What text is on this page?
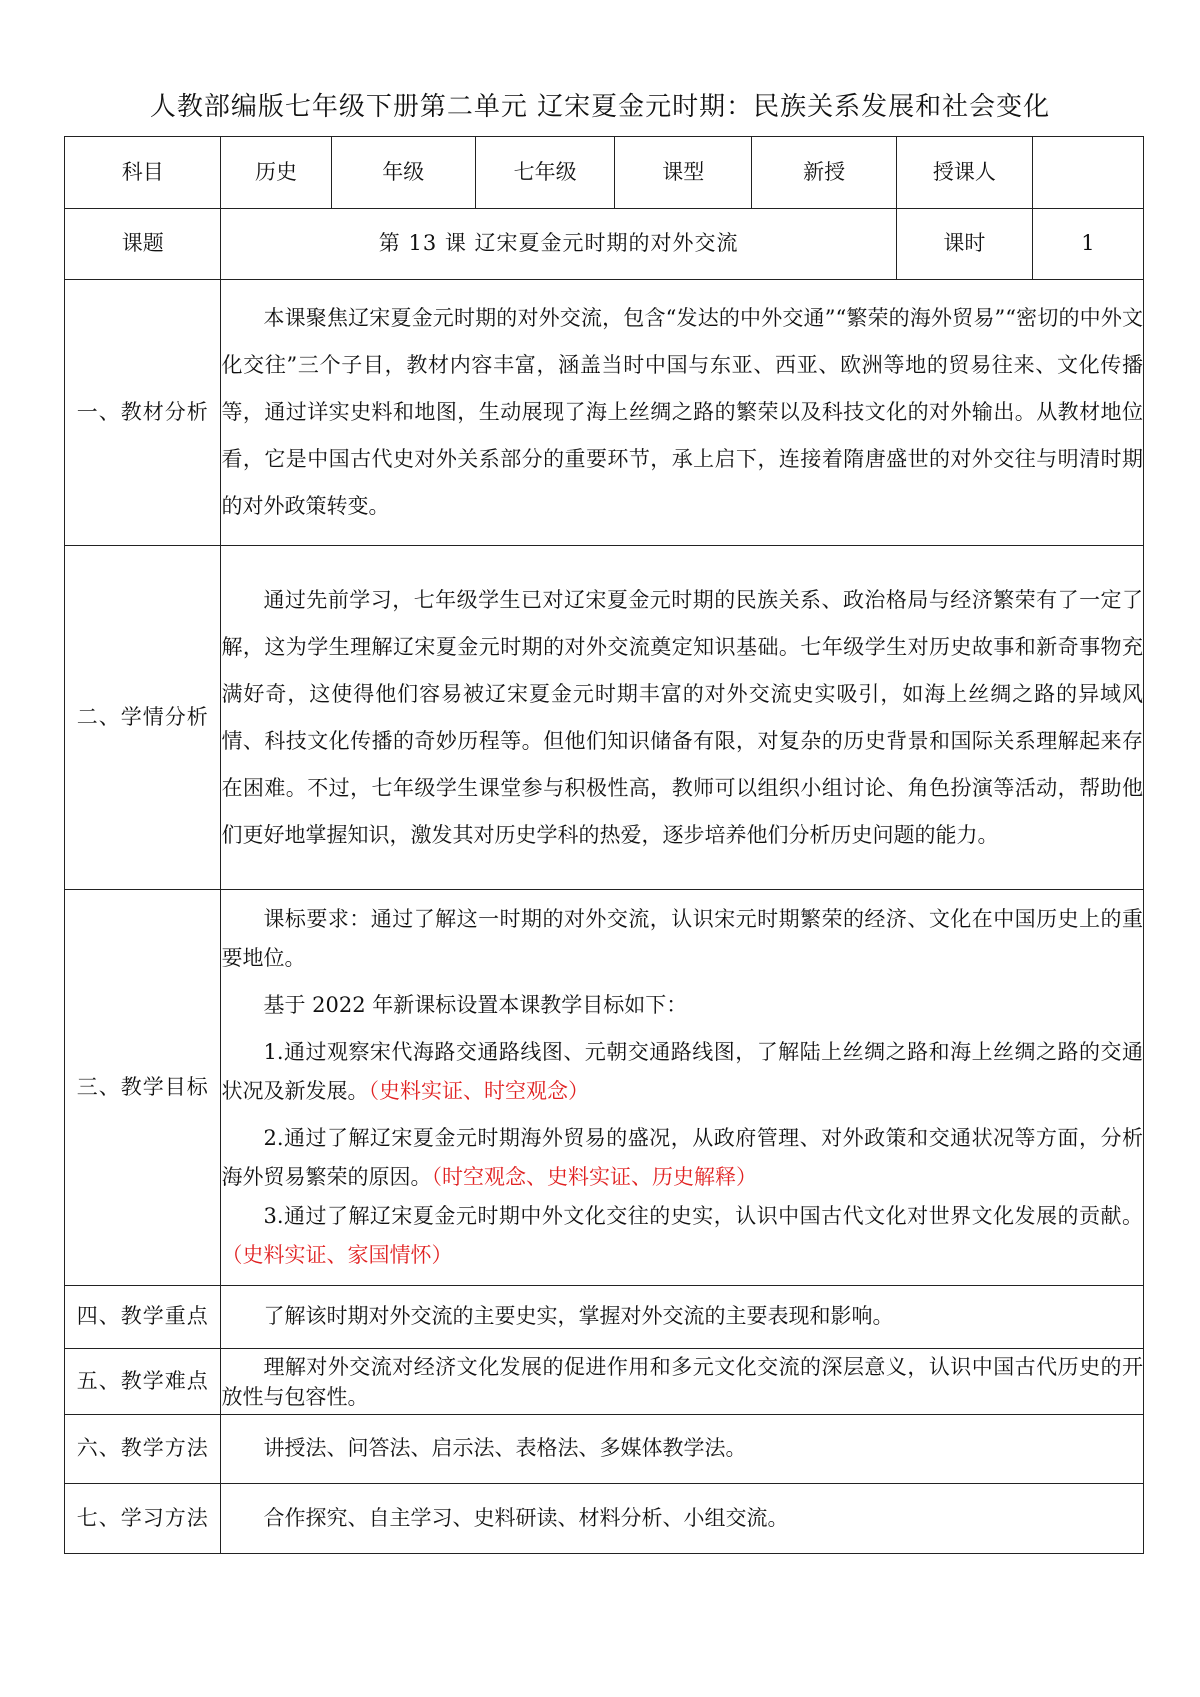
人教部编版七年级下册第二单元 辽宋夏金元时期：民族关系发展和社会变化
科目	历史	年级	七年级	课型	新授	授课人	
课题	第 13 课 辽宋夏金元时期的对外交流					课时	1
一、教材分析	本课聚焦辽宋夏金元时期的对外交流，包含“发达的中外交通”“繁荣的海外贸易”“密切的中外文化交往”三个子目，教材内容丰富，涵盖当时中国与东亚、西亚、欧洲等地的贸易往来、文化传播等，通过详实史料和地图，生动展现了海上丝绸之路的繁荣以及科技文化的对外输出。从教材地位看，它是中国古代史对外关系部分的重要环节，承上启下，连接着隋唐盛世的对外交往与明清时期的对外政策转变。						

二、学情分析	通过先前学习，七年级学生已对辽宋夏金元时期的民族关系、政治格局与经济繁荣有了一定了解，这为学生理解辽宋夏金元时期的对外交流奠定知识基础。七年级学生对历史故事和新奇事物充满好奇，这使得他们容易被辽宋夏金元时期丰富的对外交流史实吸引，如海上丝绸之路的异域风情、科技文化传播的奇妙历程等。但他们知识储备有限，对复杂的历史背景和国际关系理解起来存在困难。不过，七年级学生课堂参与积极性高，教师可以组织小组讨论、角色扮演等活动，帮助他们更好地掌握知识，激发其对历史学科的热爱，逐步培养他们分析历史问题的能力。						

三、教学目标	课标要求：通过了解这一时期的对外交流，认识宋元时期繁荣的经济、文化在中国历史上的重要地位。

基于 2022 年新课标设置本课教学目标如下：

1.通过观察宋代海路交通路线图、元朝交通路线图，了解陆上丝绸之路和海上丝绸之路的交通状况及新发展。（史料实证、时空观念）

2.通过了解辽宋夏金元时期海外贸易的盛况，从政府管理、对外政策和交通状况等方面，分析海外贸易繁荣的原因。（时空观念、史料实证、历史解释）

3.通过了解辽宋夏金元时期中外文化交往的史实，认识中国古代文化对世界文化发展的贡献。（史料实证、家国情怀）						

四、教学重点	了解该时期对外交流的主要史实，掌握对外交流的主要表现和影响。						

五、教学难点	理解对外交流对经济文化发展的促进作用和多元文化交流的深层意义，认识中国古代历史的开放性与包容性。						

六、教学方法	讲授法、问答法、启示法、表格法、多媒体教学法。						

七、学习方法	合作探究、自主学习、史料研读、材料分析、小组交流。						
